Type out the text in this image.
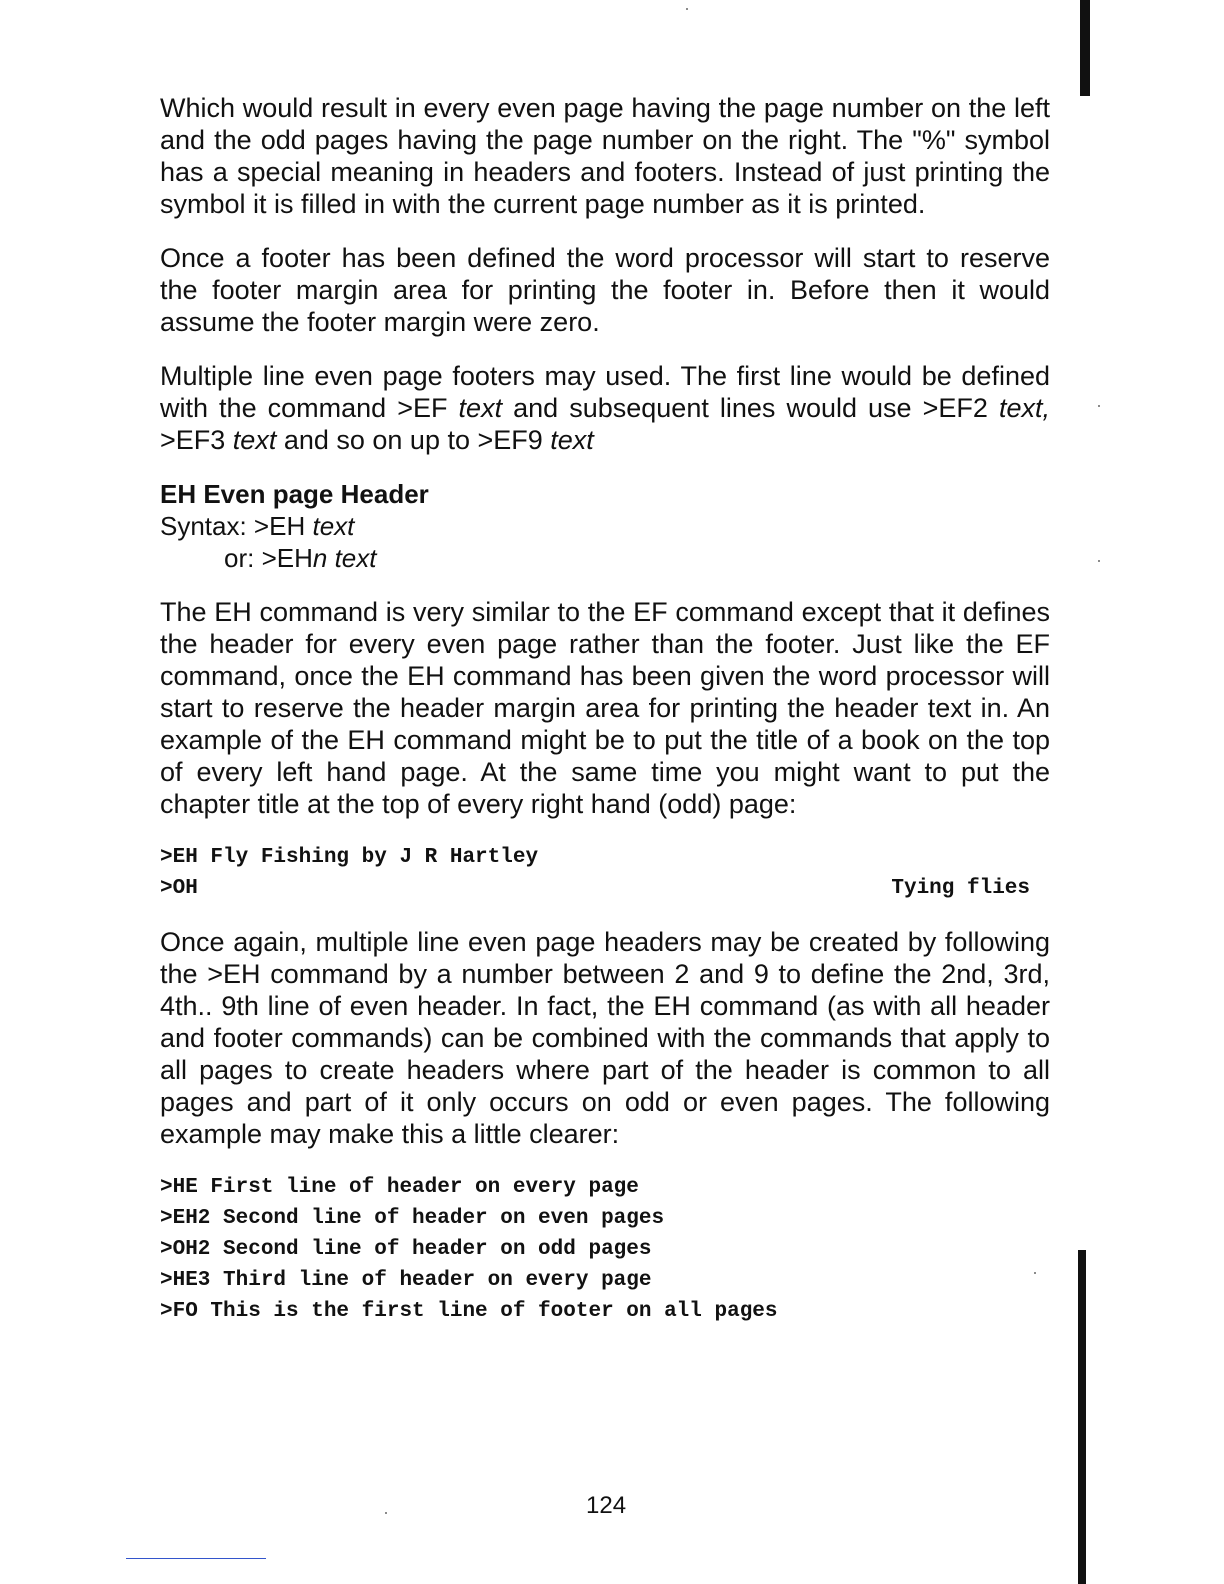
Which would result in every even page having the page number on the left and the odd pages having the page number on the right. The "%" symbol has a special meaning in headers and footers. Instead of just printing the symbol it is filled in with the current page number as it is printed.

Once a footer has been defined the word processor will start to reserve the footer margin area for printing the footer in. Before then it would assume the footer margin were zero.

Multiple line even page footers may used. The first line would be defined with the command >EF text and subsequent lines would use >EF2 text, >EF3 text and so on up to >EF9 text

EH Even page Header

Syntax: >EH text

or: >EHn text

The EH command is very similar to the EF command except that it defines the header for every even page rather than the footer. Just like the EF command, once the EH command has been given the word processor will start to reserve the header margin area for printing the header text in. An example of the EH command might be to put the title of a book on the top of every left hand page. At the same time you might want to put the chapter title at the top of every right hand (odd) page:

>EH Fly Fishing by J R Hartley
>OH	Tying flies

Once again, multiple line even page headers may be created by following the >EH command by a number between 2 and 9 to define the 2nd, 3rd, 4th.. 9th line of even header. In fact, the EH command (as with all header and footer commands) can be combined with the commands that apply to all pages to create headers where part of the header is common to all pages and part of it only occurs on odd or even pages. The following example may make this a little clearer:

>HE First line of header on every page
>EH2 Second line of header on even pages
>OH2 Second line of header on odd pages
>HE3 Third line of header on every page
>FO This is the first line of footer on all pages
124
